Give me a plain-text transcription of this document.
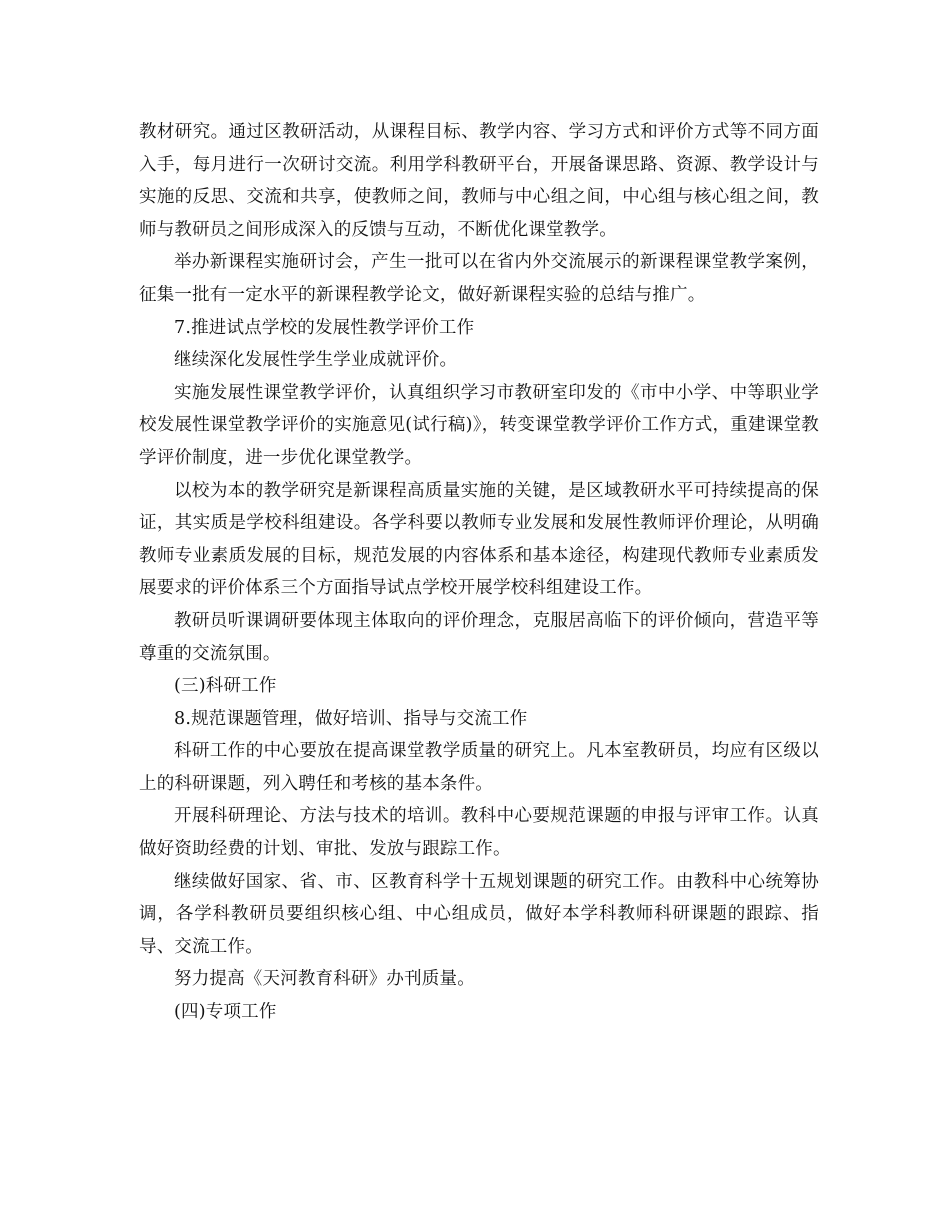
教材研究。通过区教研活动，从课程目标、教学内容、学习方式和评价方式等不同方面入手，每月进行一次研讨交流。利用学科教研平台，开展备课思路、资源、教学设计与实施的反思、交流和共享，使教师之间，教师与中心组之间，中心组与核心组之间，教师与教研员之间形成深入的反馈与互动，不断优化课堂教学。

举办新课程实施研讨会，产生一批可以在省内外交流展示的新课程课堂教学案例，征集一批有一定水平的新课程教学论文，做好新课程实验的总结与推广。

7.推进试点学校的发展性教学评价工作

继续深化发展性学生学业成就评价。

实施发展性课堂教学评价，认真组织学习市教研室印发的《市中小学、中等职业学校发展性课堂教学评价的实施意见(试行稿)》，转变课堂教学评价工作方式，重建课堂教学评价制度，进一步优化课堂教学。

以校为本的教学研究是新课程高质量实施的关键，是区域教研水平可持续提高的保证，其实质是学校科组建设。各学科要以教师专业发展和发展性教师评价理论，从明确教师专业素质发展的目标，规范发展的内容体系和基本途径，构建现代教师专业素质发展要求的评价体系三个方面指导试点学校开展学校科组建设工作。

教研员听课调研要体现主体取向的评价理念，克服居高临下的评价倾向，营造平等尊重的交流氛围。

(三)科研工作

8.规范课题管理，做好培训、指导与交流工作

科研工作的中心要放在提高课堂教学质量的研究上。凡本室教研员，均应有区级以上的科研课题，列入聘任和考核的基本条件。

开展科研理论、方法与技术的培训。教科中心要规范课题的申报与评审工作。认真做好资助经费的计划、审批、发放与跟踪工作。

继续做好国家、省、市、区教育科学十五规划课题的研究工作。由教科中心统筹协调，各学科教研员要组织核心组、中心组成员，做好本学科教师科研课题的跟踪、指导、交流工作。

努力提高《天河教育科研》办刊质量。

(四)专项工作
